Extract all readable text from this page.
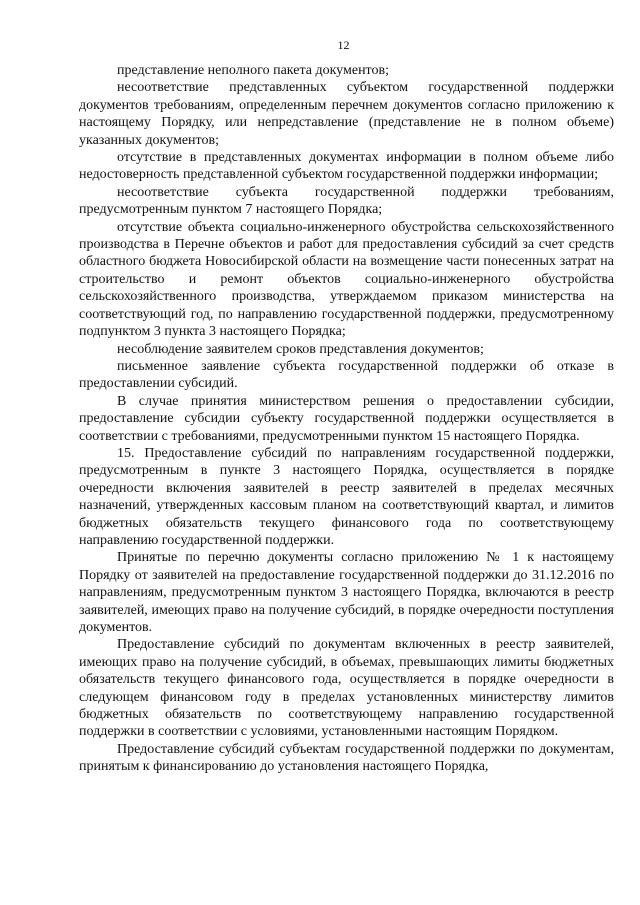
12

представление неполного пакета документов;

несоответствие представленных субъектом государственной поддержки документов требованиям, определенным перечнем документов согласно приложению к настоящему Порядку, или непредставление (представление не в полном объеме) указанных документов;

отсутствие в представленных документах информации в полном объеме либо недостоверность представленной субъектом государственной поддержки информации;

несоответствие субъекта государственной поддержки требованиям, предусмотренным пунктом 7 настоящего Порядка;

отсутствие объекта социально-инженерного обустройства сельскохозяйственного производства в Перечне объектов и работ для предоставления субсидий за счет средств областного бюджета Новосибирской области на возмещение части понесенных затрат на строительство и ремонт объектов социально-инженерного обустройства сельскохозяйственного производства, утверждаемом приказом министерства на соответствующий год, по направлению государственной поддержки, предусмотренному подпунктом 3 пункта 3 настоящего Порядка;

несоблюдение заявителем сроков представления документов;

письменное заявление субъекта государственной поддержки об отказе в предоставлении субсидий.

В случае принятия министерством решения о предоставлении субсидии, предоставление субсидии субъекту государственной поддержки осуществляется в соответствии с требованиями, предусмотренными пунктом 15 настоящего Порядка.

15. Предоставление субсидий по направлениям государственной поддержки, предусмотренным в пункте 3 настоящего Порядка, осуществляется в порядке очередности включения заявителей в реестр заявителей в пределах месячных назначений, утвержденных кассовым планом на соответствующий квартал, и лимитов бюджетных обязательств текущего финансового года по соответствующему направлению государственной поддержки.

Принятые по перечню документы согласно приложению № 1 к настоящему Порядку от заявителей на предоставление государственной поддержки до 31.12.2016 по направлениям, предусмотренным пунктом 3 настоящего Порядка, включаются в реестр заявителей, имеющих право на получение субсидий, в порядке очередности поступления документов.

Предоставление субсидий по документам включенных в реестр заявителей, имеющих право на получение субсидий, в объемах, превышающих лимиты бюджетных обязательств текущего финансового года, осуществляется в порядке очередности в следующем финансовом году в пределах установленных министерству лимитов бюджетных обязательств по соответствующему направлению государственной поддержки в соответствии с условиями, установленными настоящим Порядком.

Предоставление субсидий субъектам государственной поддержки по документам, принятым к финансированию до установления настоящего Порядка,
